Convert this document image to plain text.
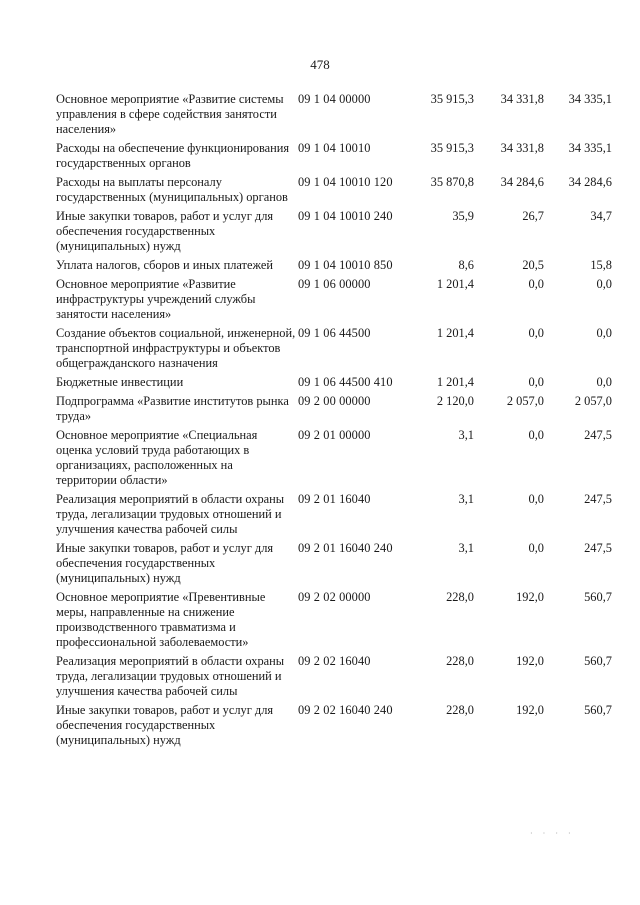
478
Основное мероприятие «Развитие системы управления в сфере содействия занятости населения»
09 1 04 00000	35 915,3	34 331,8	34 335,1
Расходы на обеспечение функционирования государственных органов
09 1 04 10010	35 915,3	34 331,8	34 335,1
Расходы на выплаты персоналу государственных (муниципальных) органов
09 1 04 10010 120	35 870,8	34 284,6	34 284,6
Иные закупки товаров, работ и услуг для обеспечения государственных (муниципальных) нужд
09 1 04 10010 240	35,9	26,7	34,7
Уплата налогов, сборов и иных платежей	09 1 04 10010 850	8,6	20,5	15,8
Основное мероприятие «Развитие инфраструктуры учреждений службы занятости населения»
09 1 06 00000	1 201,4	0,0	0,0
Создание объектов социальной, инженерной, транспортной инфраструктуры и объектов общегражданского назначения
09 1 06 44500	1 201,4	0,0	0,0
Бюджетные инвестиции	09 1 06 44500 410	1 201,4	0,0	0,0
Подпрограмма «Развитие институтов рынка труда»
09 2 00 00000	2 120,0	2 057,0	2 057,0
Основное мероприятие «Специальная оценка условий труда работающих в организациях, расположенных на территории области»
09 2 01 00000	3,1	0,0	247,5
Реализация мероприятий в области охраны труда, легализации трудовых отношений и улучшения качества рабочей силы
09 2 01 16040	3,1	0,0	247,5
Иные закупки товаров, работ и услуг для обеспечения государственных (муниципальных) нужд
09 2 01 16040 240	3,1	0,0	247,5
Основное мероприятие «Превентивные меры, направленные на снижение производственного травматизма и профессиональной заболеваемости»
09 2 02 00000	228,0	192,0	560,7
Реализация мероприятий в области охраны труда, легализации трудовых отношений и улучшения качества рабочей силы
09 2 02 16040	228,0	192,0	560,7
Иные закупки товаров, работ и услуг для обеспечения государственных (муниципальных) нужд
09 2 02 16040 240	228,0	192,0	560,7
· · · ·
